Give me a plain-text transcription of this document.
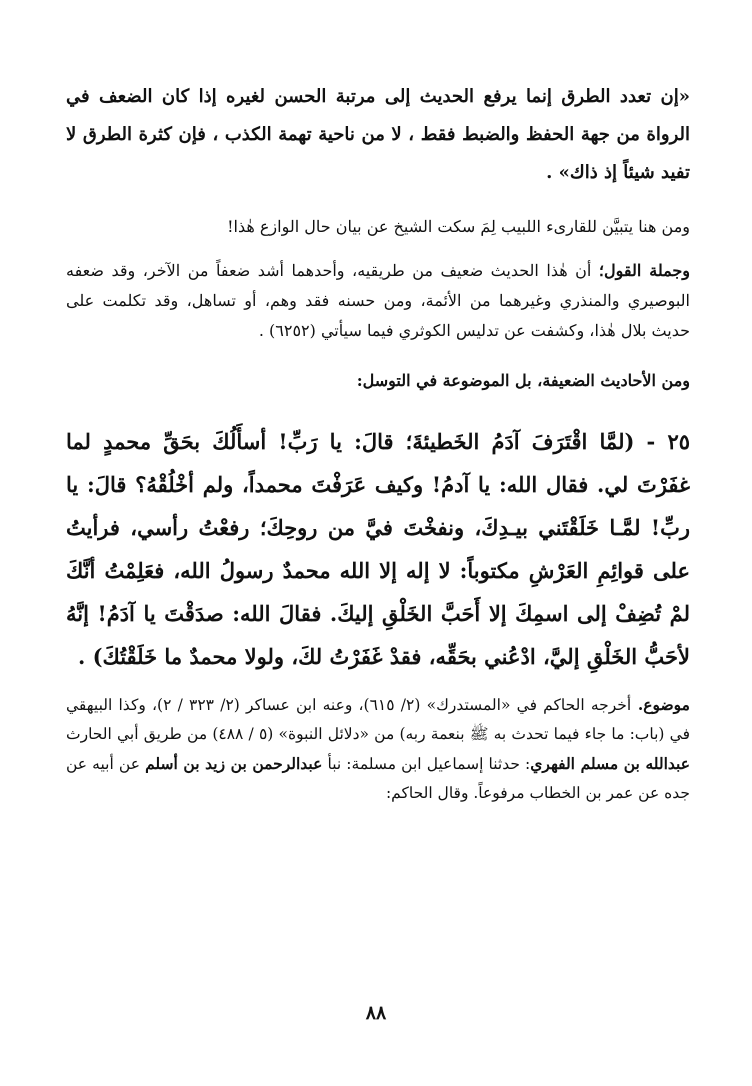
«إن تعدد الطرق إنما يرفع الحديث إلى مرتبة الحسن لغيره إذا كان الضعف في الرواة من جهة الحفظ والضبط فقط ، لا من ناحية تهمة الكذب ، فإن كثرة الطرق لا تفيد شيئاً إذ ذاك» .

ومن هنا يتبيَّن للقارىء اللبيب لِمَ سكت الشيخ عن بيان حال الوازع هٰذا!

وجملة القول؛ أن هٰذا الحديث ضعيف من طريقيه، وأحدهما أشد ضعفاً من الآخر، وقد ضعفه البوصيري والمنذري وغيرهما من الأئمة، ومن حسنه فقد وهم، أو تساهل، وقد تكلمت على حديث بلال هٰذا، وكشفت عن تدليس الكوثري فيما سيأتي (٦٢٥٢) .

ومن الأحاديث الضعيفة، بل الموضوعة في التوسل:

٢٥ - (لمَّا اقْتَرَفَ آدَمُ الخَطيئةَ؛ قالَ: يا رَبِّ! أسأَلُكَ بحَقِّ محمدٍ لما غفَرْتَ لي. فقال الله: يا آدمُ! وكيف عَرَفْتَ محمداً، ولم أخْلُقْهُ؟ قالَ: يا ربِّ! لمَّـا خَلَقْتَني بيـدِكَ، ونفخْتَ فيَّ من روحِكَ؛ رفعْتُ رأسي، فرأيتُ على قوائِمِ العَرْشِ مكتوباً: لا إله إلا الله محمدٌ رسولُ الله، فعَلِمْتُ أنَّكَ لمْ تُضِفْ إلى اسمِكَ إلا أَحَبَّ الخَلْقِ إليكَ. فقالَ الله: صدَقْتَ يا آدَمُ! إنَّهُ لأحَبُّ الخَلْقِ إليَّ، ادْعُني بحَقِّه، فقدْ غَفَرْتُ لكَ، ولولا محمدٌ ما خَلَقْتُكَ) .

موضوع. أخرجه الحاكم في «المستدرك» (٢/ ٦١٥)، وعنه ابن عساكر (٢/ ٣٢٣ / ٢)، وكذا البيهقي في (باب: ما جاء فيما تحدث به ﷺ بنعمة ربه) من «دلائل النبوة» (٥ / ٤٨٨) من طريق أبي الحارث عبدالله بن مسلم الفهري: حدثنا إسماعيل ابن مسلمة: نبأ عبدالرحمن بن زيد بن أسلم عن أبيه عن جده عن عمر بن الخطاب مرفوعاً. وقال الحاكم:

٨٨
